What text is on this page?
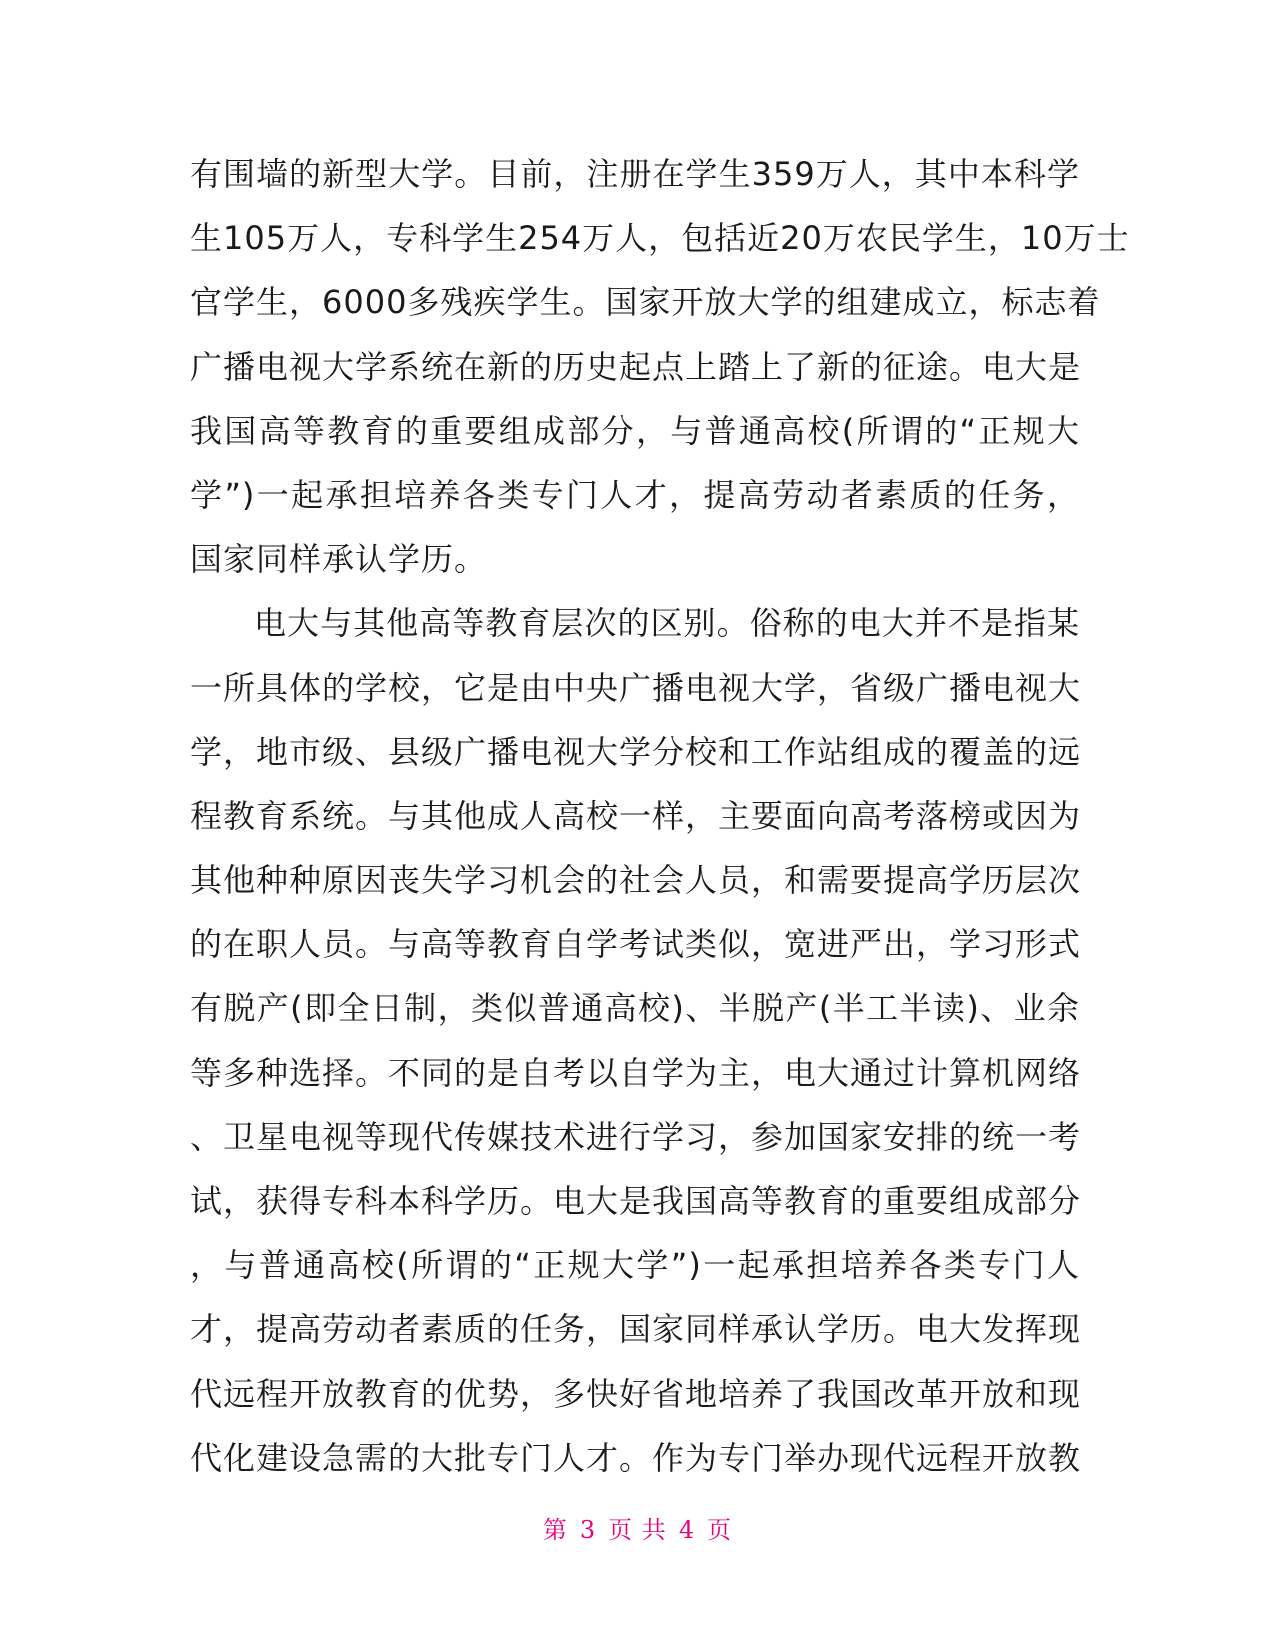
有围墙的新型大学。目前，注册在学生359万人，其中本科学
生105万人，专科学生254万人，包括近20万农民学生，10万士
官学生，6000多残疾学生。国家开放大学的组建成立，标志着
广播电视大学系统在新的历史起点上踏上了新的征途。电大是
我国高等教育的重要组成部分，与普通高校(所谓的“正规大
学”)一起承担培养各类专门人才，提高劳动者素质的任务，
国家同样承认学历。
电大与其他高等教育层次的区别。俗称的电大并不是指某
一所具体的学校，它是由中央广播电视大学，省级广播电视大
学，地市级、县级广播电视大学分校和工作站组成的覆盖的远
程教育系统。与其他成人高校一样，主要面向高考落榜或因为
其他种种原因丧失学习机会的社会人员，和需要提高学历层次
的在职人员。与高等教育自学考试类似，宽进严出，学习形式
有脱产(即全日制，类似普通高校)、半脱产(半工半读)、业余
等多种选择。不同的是自考以自学为主，电大通过计算机网络
、卫星电视等现代传媒技术进行学习，参加国家安排的统一考
试，获得专科本科学历。电大是我国高等教育的重要组成部分
，与普通高校(所谓的“正规大学”)一起承担培养各类专门人
才，提高劳动者素质的任务，国家同样承认学历。电大发挥现
代远程开放教育的优势，多快好省地培养了我国改革开放和现
代化建设急需的大批专门人才。作为专门举办现代远程开放教
第 3 页 共 4 页
